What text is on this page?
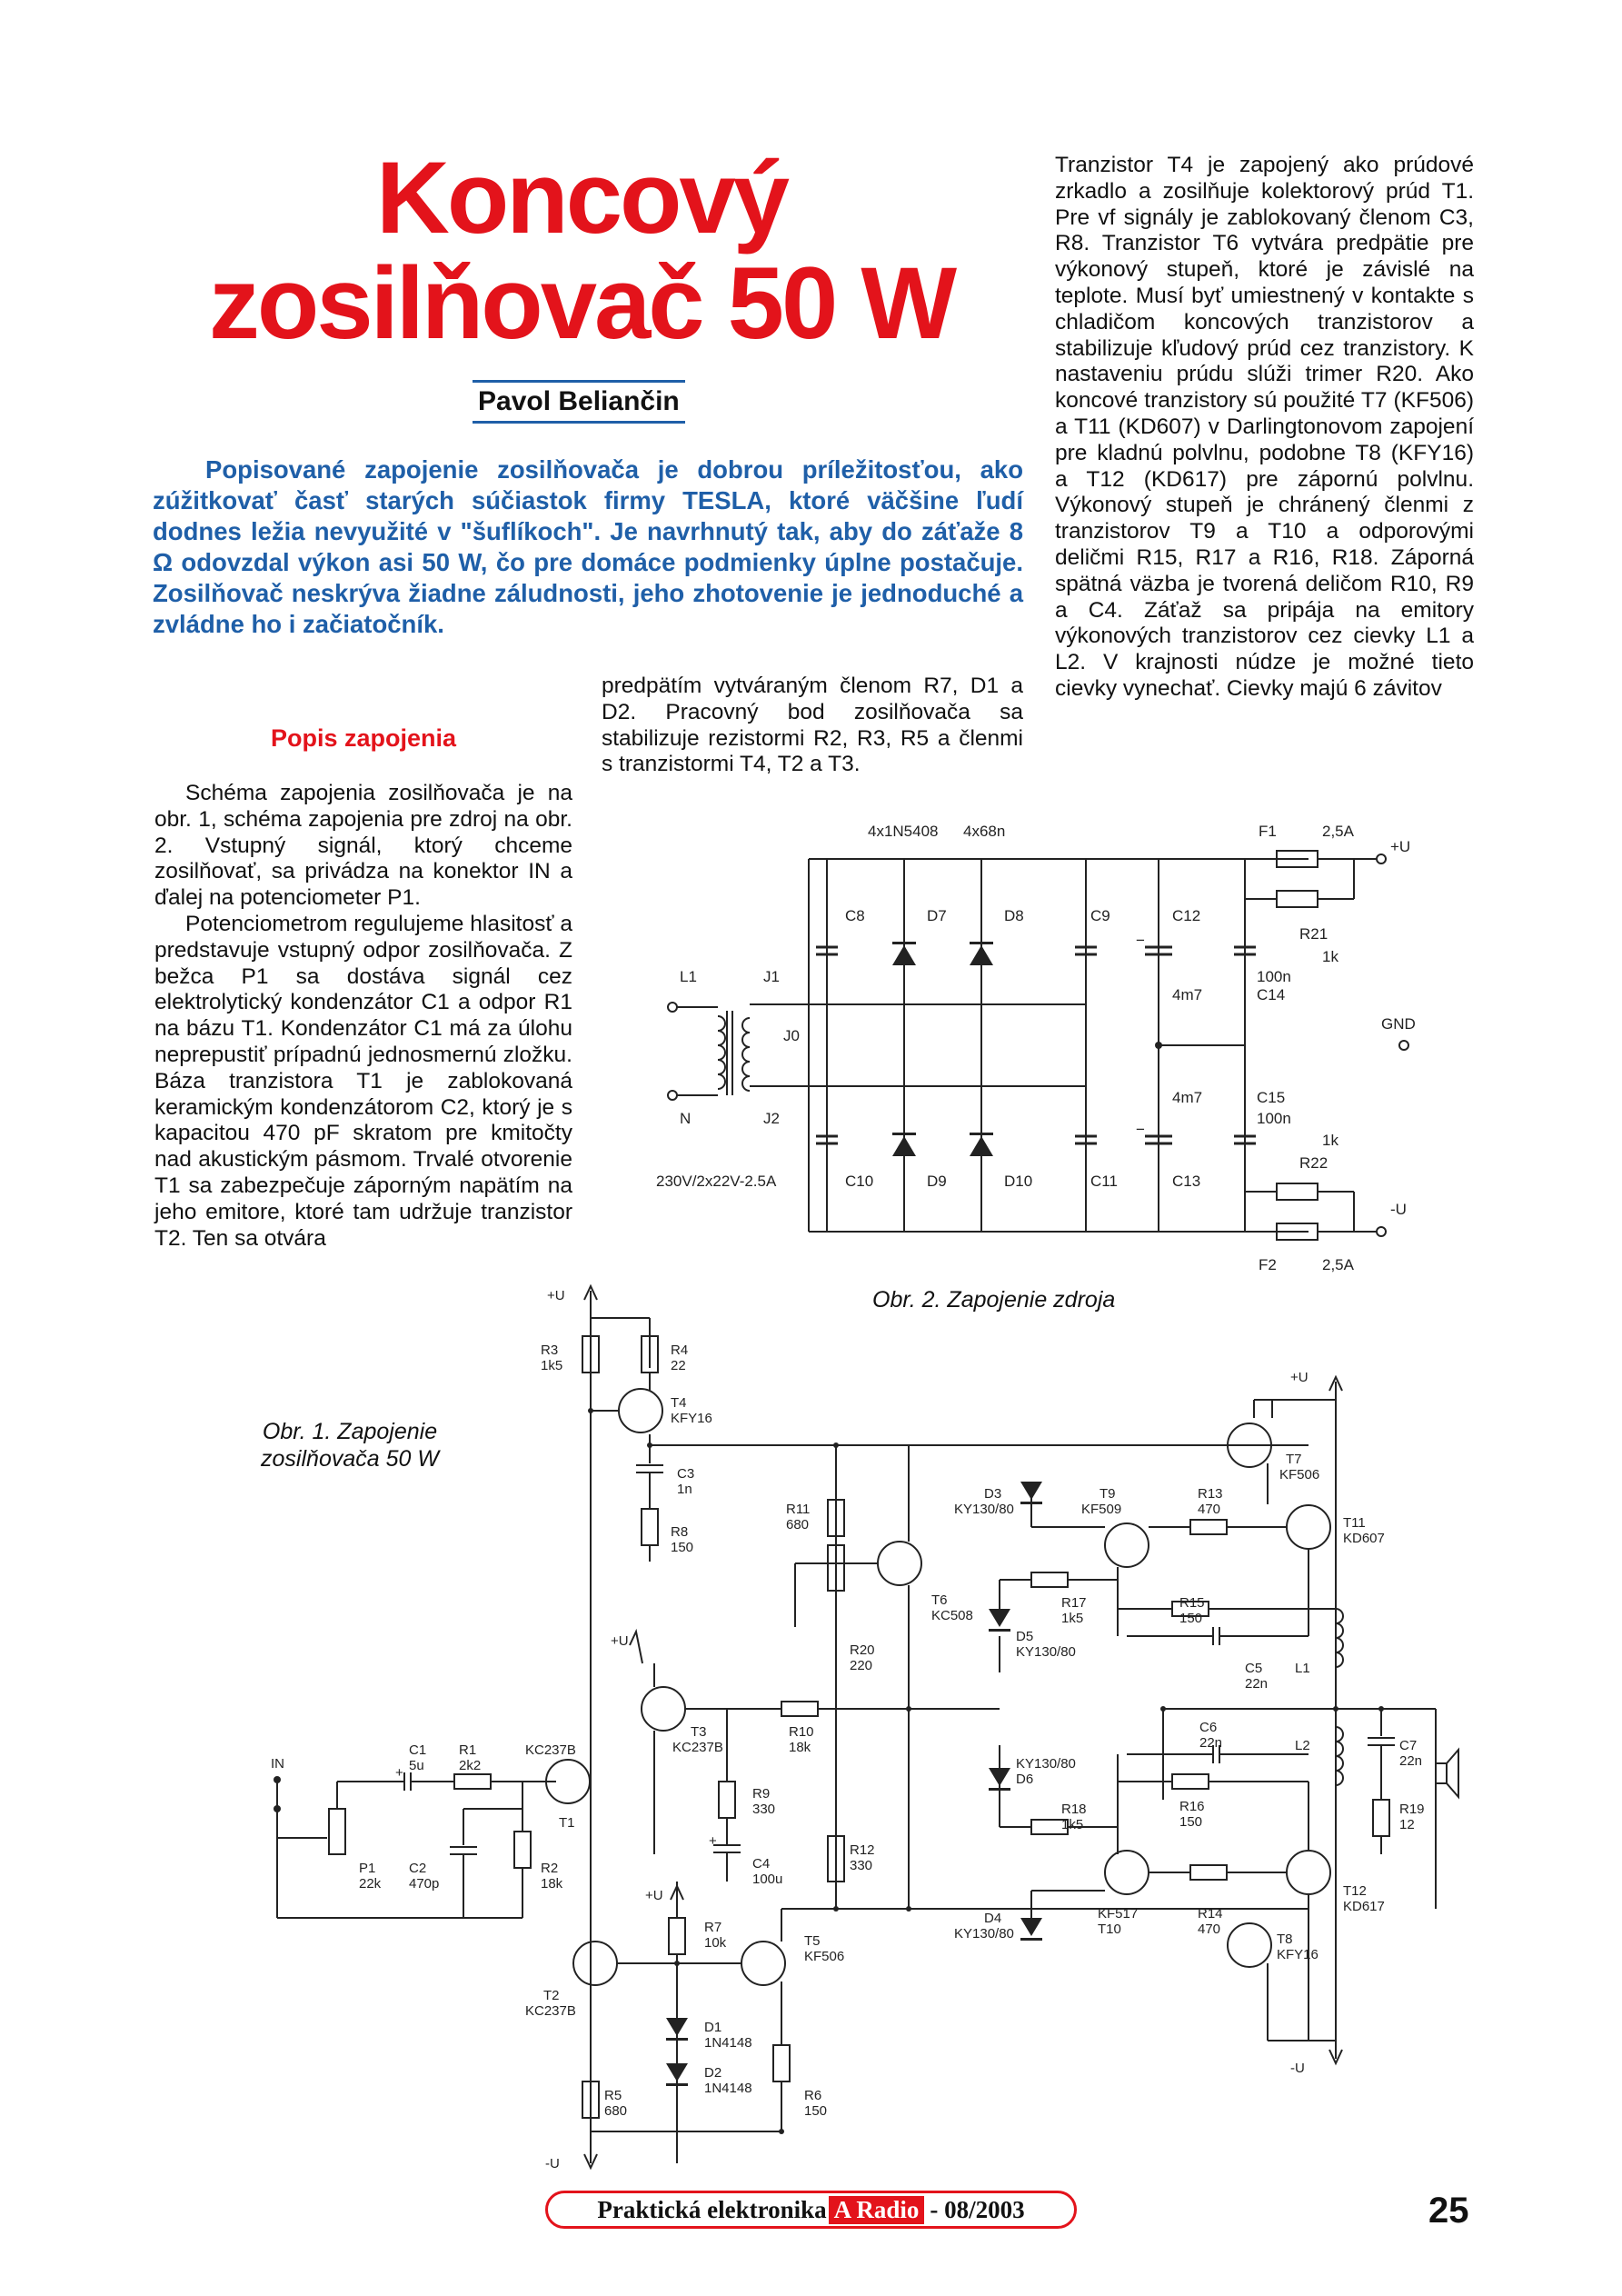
Koncový
zosilňovač 50 W
Pavol Beliančin
Popisované zapojenie zosilňovača je dobrou príležitosťou, ako zúžitkovať časť starých súčiastok firmy TESLA, ktoré väčšine ľudí dodnes ležia nevyužité v "šuflíkoch". Je navrhnutý tak, aby do záťaže 8 Ω odovzdal výkon asi 50 W, čo pre domáce podmienky úplne postačuje. Zosilňovač neskrýva žiadne záludnosti, jeho zhotovenie je jednoduché a zvládne ho i začiatočník.
Popis zapojenia

Schéma zapojenia zosilňovača je na obr. 1, schéma zapojenia pre zdroj na obr. 2. Vstupný signál, ktorý chceme zosilňovať, sa privádza na konektor IN a ďalej na potenciometer P1.

Potenciometrom regulujeme hlasitosť a predstavuje vstupný odpor zosilňovača. Z bežca P1 sa dostáva signál cez elektrolytický kondenzátor C1 a odpor R1 na bázu T1. Kondenzátor C1 má za úlohu neprepustiť prípadnú jednosmernú zložku. Báza tranzistora T1 je zablokovaná keramickým kondenzátorom C2, ktorý je s kapacitou 470 pF skratom pre kmitočty nad akustickým pásmom. Trvalé otvorenie T1 sa zabezpečuje záporným napätím na jeho emitore, ktoré tam udržuje tranzistor T2. Ten sa otvára

predpätím vytváraným členom R7, D1 a D2. Pracovný bod zosilňovača sa stabilizuje rezistormi R2, R3, R5 a členmi s tranzistormi T4, T2 a T3.

Tranzistor T4 je zapojený ako prúdové zrkadlo a zosilňuje kolektorový prúd T1. Pre vf signály je zablokovaný členom C3, R8. Tranzistor T6 vytvára predpätie pre výkonový stupeň, ktoré je závislé na teplote. Musí byť umiestnený v kontakte s chladičom koncových tranzistorov a stabilizuje kľudový prúd cez tranzistory. K nastaveniu prúdu slúži trimer R20. Ako koncové tranzistory sú použité T7 (KF506) a T11 (KD607) v Darlingtonovom zapojení pre kladnú polvlnu, podobne T8 (KFY16) a T12 (KD617) pre zápornú polvlnu. Výkonový stupeň je chránený členmi z tranzistorov T9 a T10 a odporovými deličmi R15, R17 a R16, R18. Záporná spätná väzba je tvorená deličom R10, R9 a C4. Záťaž sa pripája na emitory výkonových tranzistorov cez cievky L1 a L2. V krajnosti núdze je možné tieto cievky vynechať. Cievky majú 6 závitov

4x1N5408 4x68n	F1	2,5A
+U
C8	D7	D8	C9	C12
−	R21
1k
L1	J1	100n
4m7	C14
GND
J0
4m7	C15
100n
−
N	J2
1k
R22
230V/2x22V-2.5A	C10	D9	D10	C11	C13
-U
F2	2,5A
Obr. 2. Zapojenie zdroja
+U
R3
1k5
R4
22
T4
KFY16
C3
1n
R8
150
+U
IN
C1
5u
+
R1
2k2
KC237B
T1
P1
22k
C2
470p
R2
18k
T3
KC237B
R10
18k
R9
330
+
C4
100u
R11
680
T6
KC508
R20
220
R12
330
+U
R7
10k
D1
1N4148
D2
1N4148
T2
KC237B
T5
KF506
R5
680
R6
150
-U
D3
KY130/80
T9
KF509
R13
470
T7
KF506
T11
KD607
+U
R17
1k5
R15
150
D5
KY130/80
C5
22n
L1
C6
22n	L2	C7
22n
R19
12
KY130/80
D6
R18
1k5
R16
150
D4
KY130/80
KF517
T10
R14
470
T12
KD617
T8
KFY16
-U
Obr. 1. Zapojenie zosilňovača 50 W
Praktická elektronika A Radio - 08/2003	25
